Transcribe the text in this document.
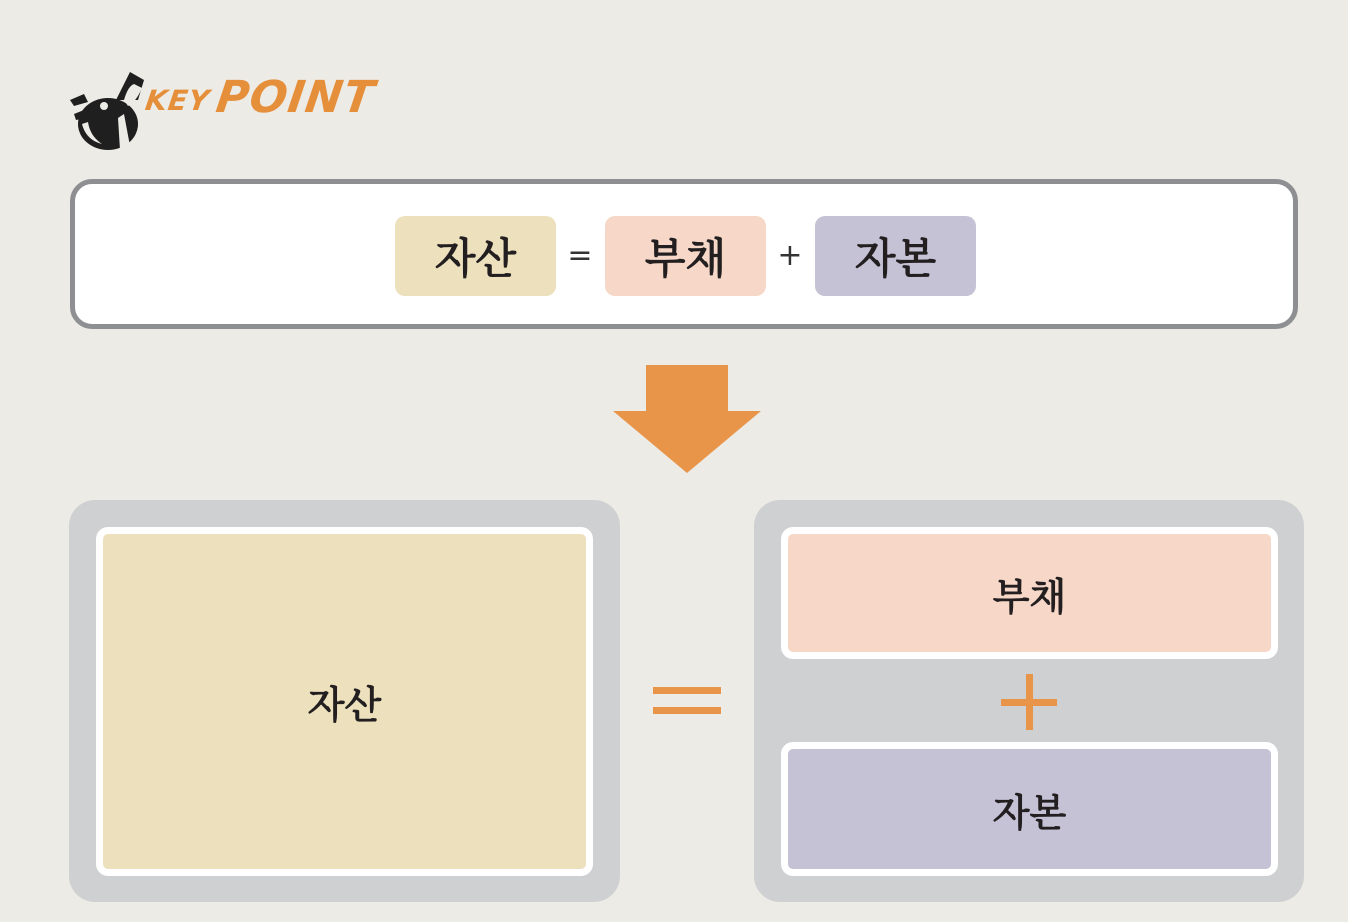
KEY POINT
자산	=	부채	+	자본
자산
부채
자본
